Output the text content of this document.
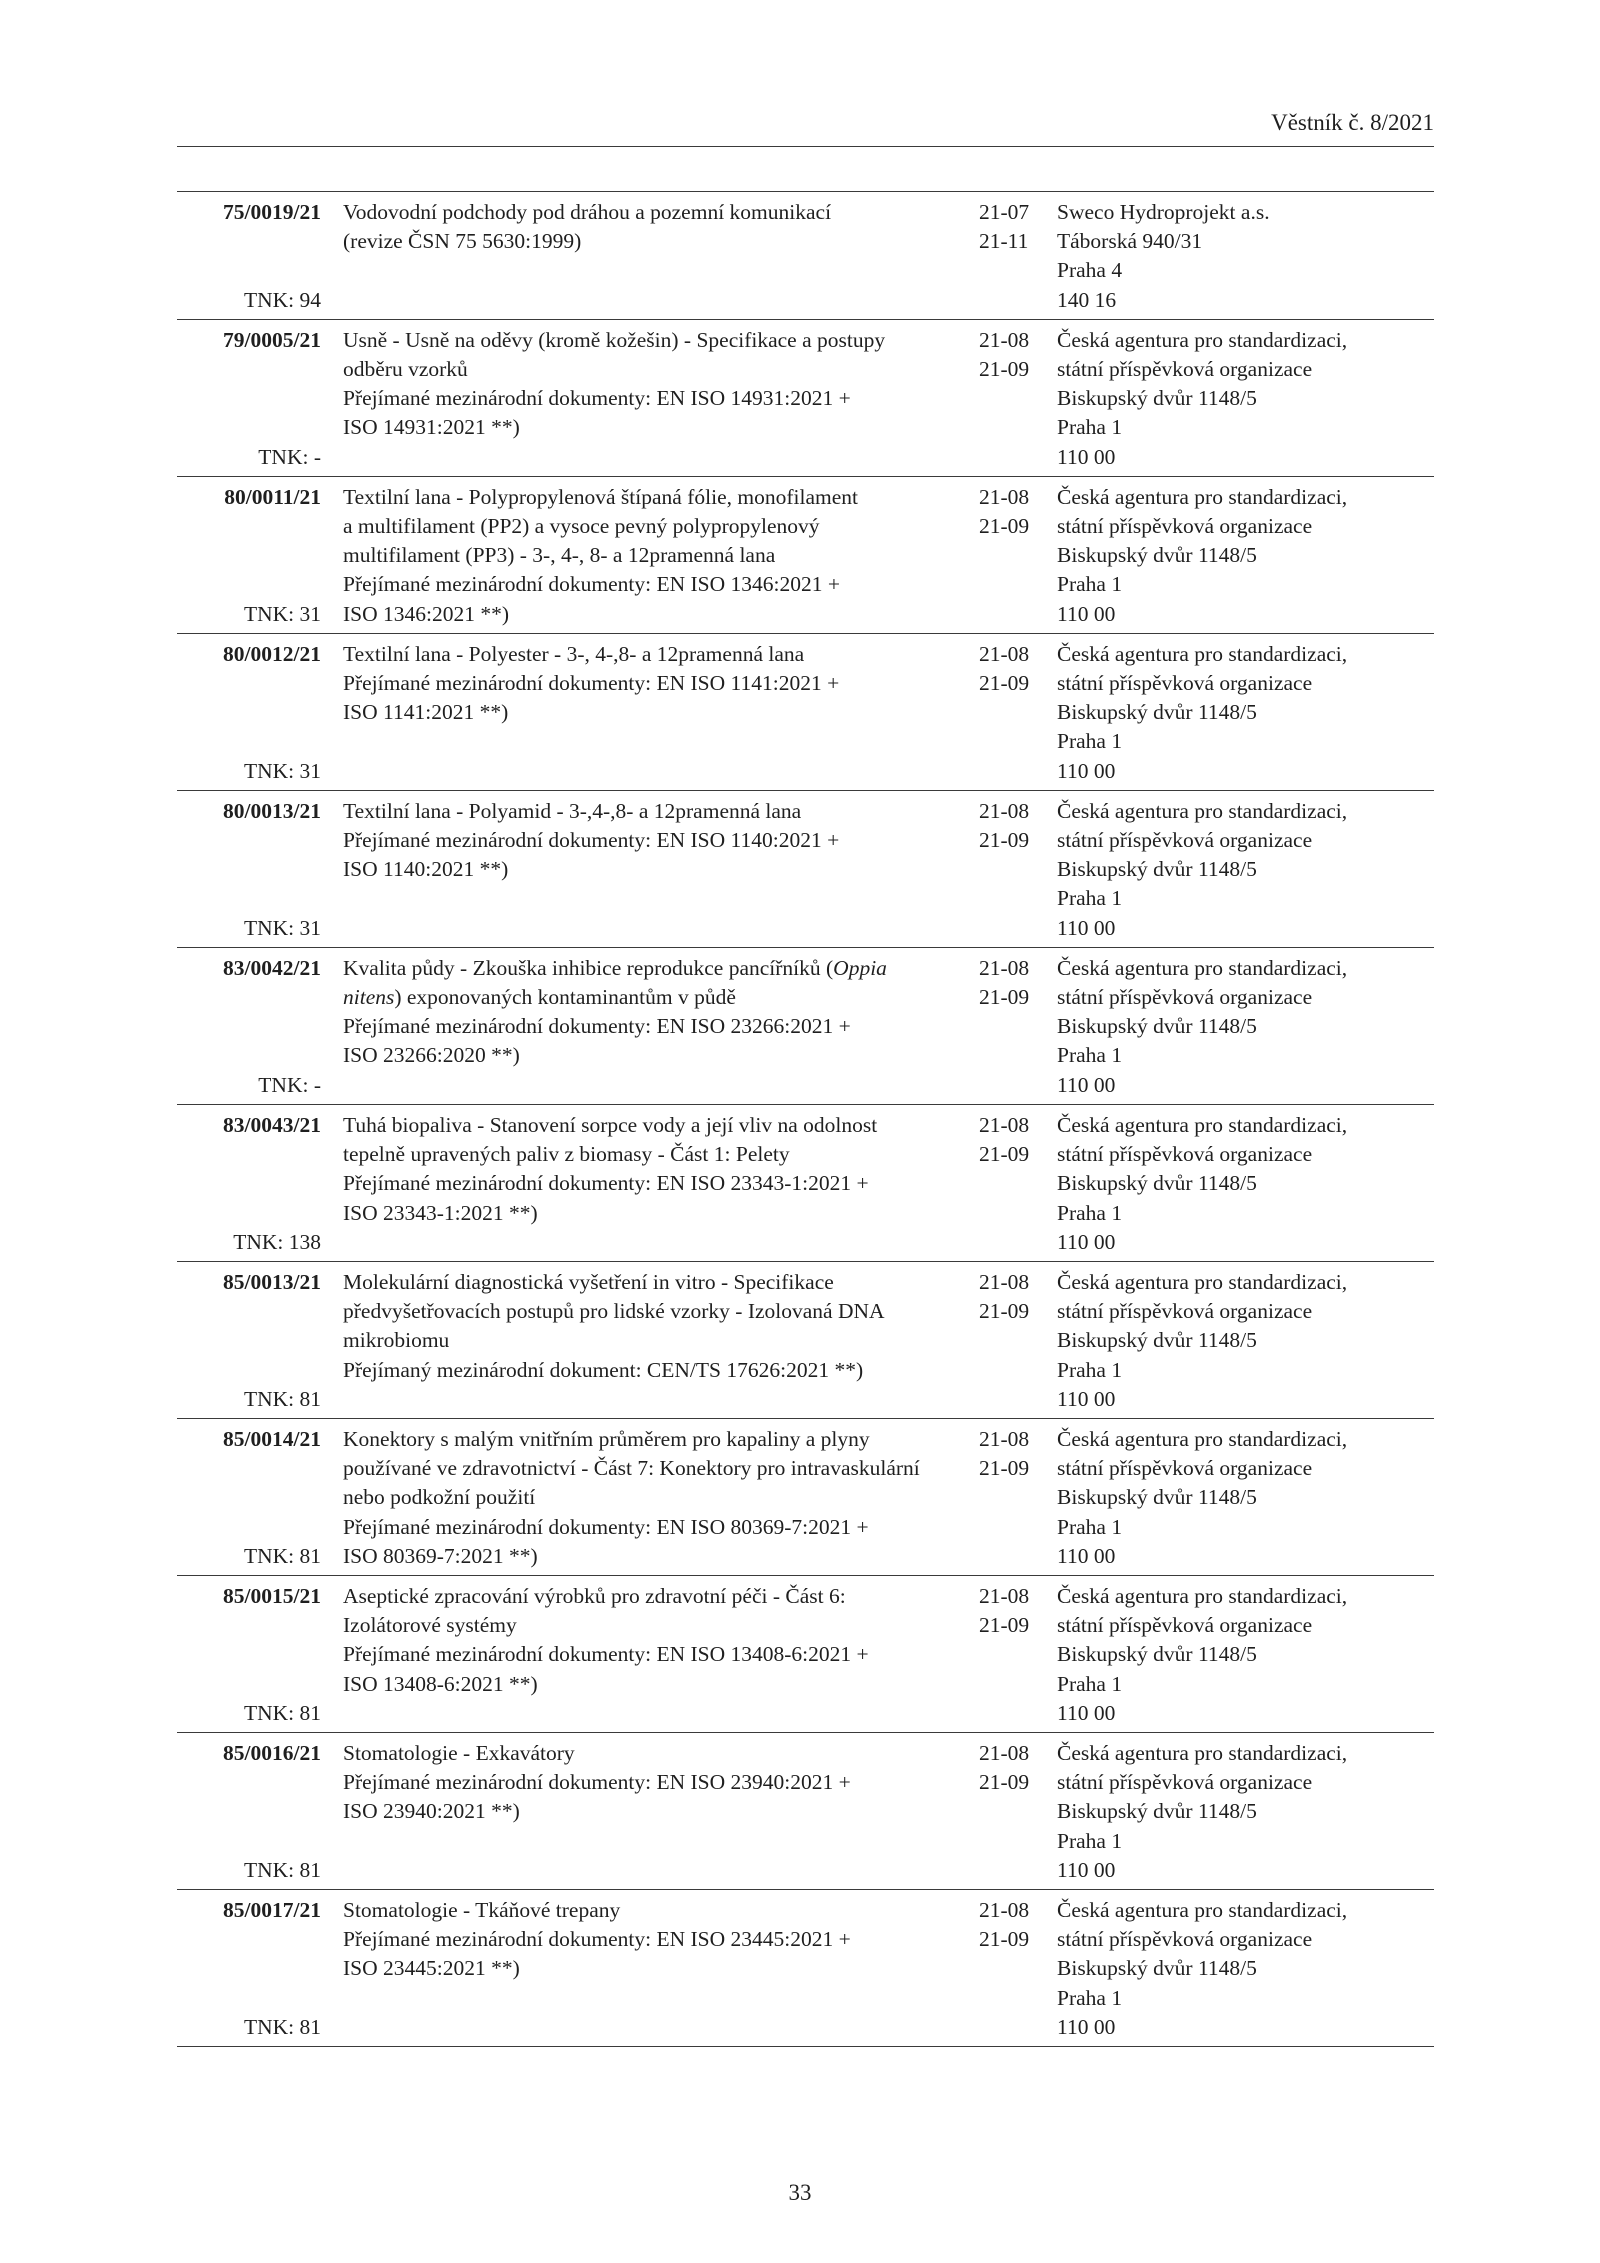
Věstník č. 8/2021
75/0019/21
TNK: 94
Vodovodní podchody pod dráhou a pozemní komunikací
(revize ČSN 75 5630:1999)
21-07
21-11
Sweco Hydroprojekt a.s.
Táborská 940/31
Praha 4
140 16
79/0005/21
TNK: -
Usně - Usně na oděvy (kromě kožešin) - Specifikace a postupy
odběru vzorků
Přejímané mezinárodní dokumenty: EN ISO 14931:2021 +
ISO 14931:2021 **)
21-08
21-09
Česká agentura pro standardizaci,
státní příspěvková organizace
Biskupský dvůr 1148/5
Praha 1
110 00
80/0011/21
TNK: 31
Textilní lana - Polypropylenová štípaná fólie, monofilament
a multifilament (PP2) a vysoce pevný polypropylenový
multifilament (PP3) - 3-, 4-, 8- a 12pramenná lana
Přejímané mezinárodní dokumenty: EN ISO 1346:2021 +
ISO 1346:2021 **)
21-08
21-09
Česká agentura pro standardizaci,
státní příspěvková organizace
Biskupský dvůr 1148/5
Praha 1
110 00
80/0012/21
TNK: 31
Textilní lana - Polyester - 3-, 4-,8- a 12pramenná lana
Přejímané mezinárodní dokumenty: EN ISO 1141:2021 +
ISO 1141:2021 **)
21-08
21-09
Česká agentura pro standardizaci,
státní příspěvková organizace
Biskupský dvůr 1148/5
Praha 1
110 00
80/0013/21
TNK: 31
Textilní lana - Polyamid - 3-,4-,8- a 12pramenná lana
Přejímané mezinárodní dokumenty: EN ISO 1140:2021 +
ISO 1140:2021 **)
21-08
21-09
Česká agentura pro standardizaci,
státní příspěvková organizace
Biskupský dvůr 1148/5
Praha 1
110 00
83/0042/21
TNK: -
Kvalita půdy - Zkouška inhibice reprodukce pancířníků (Oppia
nitens) exponovaných kontaminantům v půdě
Přejímané mezinárodní dokumenty: EN ISO 23266:2021 +
ISO 23266:2020 **)
21-08
21-09
Česká agentura pro standardizaci,
státní příspěvková organizace
Biskupský dvůr 1148/5
Praha 1
110 00
83/0043/21
TNK: 138
Tuhá biopaliva - Stanovení sorpce vody a její vliv na odolnost
tepelně upravených paliv z biomasy - Část 1: Pelety
Přejímané mezinárodní dokumenty: EN ISO 23343-1:2021 +
ISO 23343-1:2021 **)
21-08
21-09
Česká agentura pro standardizaci,
státní příspěvková organizace
Biskupský dvůr 1148/5
Praha 1
110 00
85/0013/21
TNK: 81
Molekulární diagnostická vyšetření in vitro - Specifikace
předvyšetřovacích postupů pro lidské vzorky - Izolovaná DNA
mikrobiomu
Přejímaný mezinárodní dokument: CEN/TS 17626:2021 **)
21-08
21-09
Česká agentura pro standardizaci,
státní příspěvková organizace
Biskupský dvůr 1148/5
Praha 1
110 00
85/0014/21
TNK: 81
Konektory s malým vnitřním průměrem pro kapaliny a plyny
používané ve zdravotnictví - Část 7: Konektory pro intravaskulární
nebo podkožní použití
Přejímané mezinárodní dokumenty: EN ISO 80369-7:2021 +
ISO 80369-7:2021 **)
21-08
21-09
Česká agentura pro standardizaci,
státní příspěvková organizace
Biskupský dvůr 1148/5
Praha 1
110 00
85/0015/21
TNK: 81
Aseptické zpracování výrobků pro zdravotní péči - Část 6:
Izolátorové systémy
Přejímané mezinárodní dokumenty: EN ISO 13408-6:2021 +
ISO 13408-6:2021 **)
21-08
21-09
Česká agentura pro standardizaci,
státní příspěvková organizace
Biskupský dvůr 1148/5
Praha 1
110 00
85/0016/21
TNK: 81
Stomatologie - Exkavátory
Přejímané mezinárodní dokumenty: EN ISO 23940:2021 +
ISO 23940:2021 **)
21-08
21-09
Česká agentura pro standardizaci,
státní příspěvková organizace
Biskupský dvůr 1148/5
Praha 1
110 00
85/0017/21
TNK: 81
Stomatologie - Tkáňové trepany
Přejímané mezinárodní dokumenty: EN ISO 23445:2021 +
ISO 23445:2021 **)
21-08
21-09
Česká agentura pro standardizaci,
státní příspěvková organizace
Biskupský dvůr 1148/5
Praha 1
110 00
33
